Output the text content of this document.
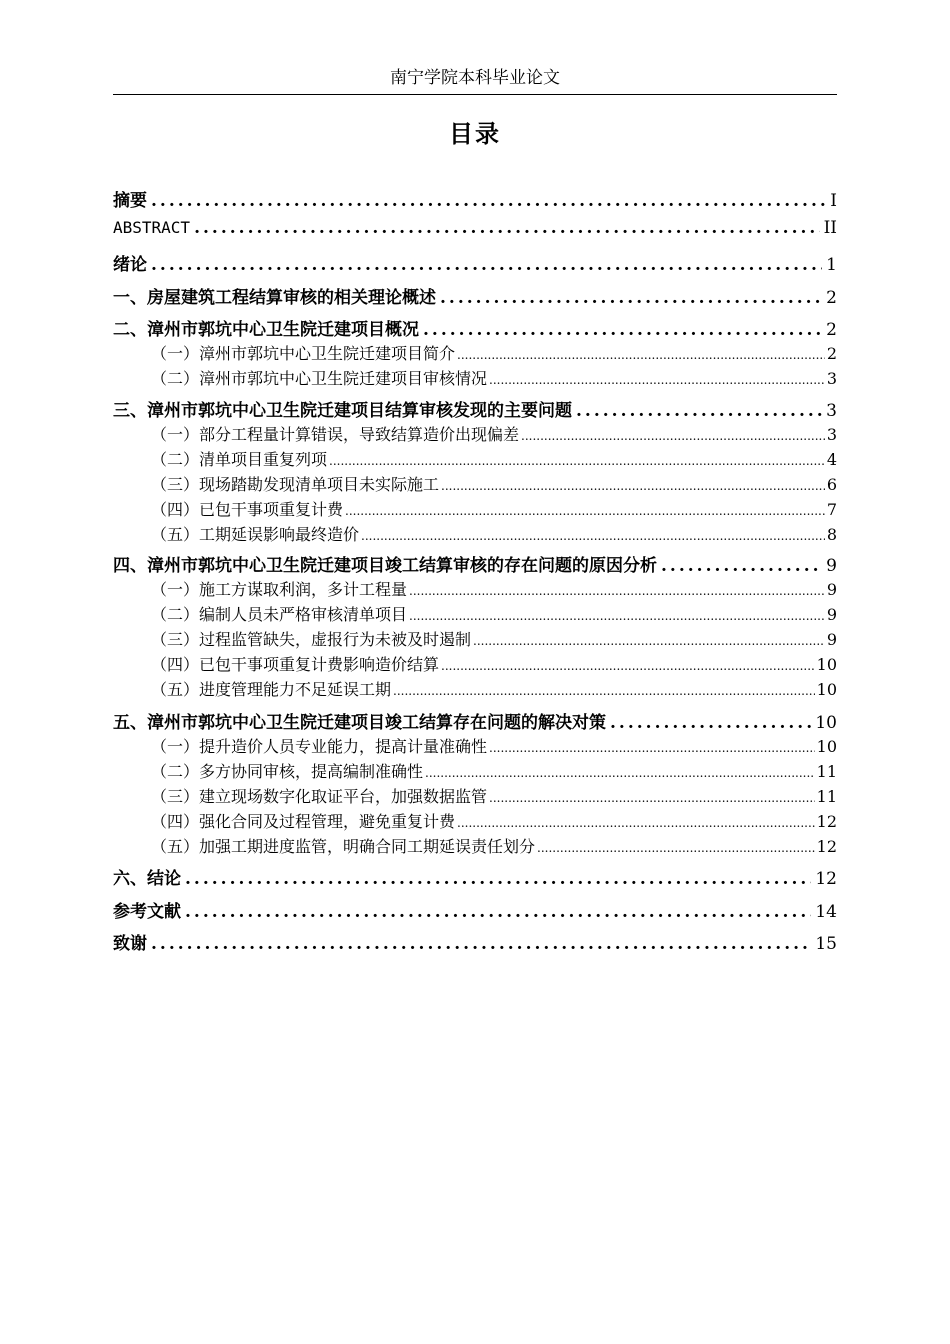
南宁学院本科毕业论文
目录
摘要 .....	I
ABSTRACT .....	II
绪论 .....	1
一、 房屋建筑工程结算审核的相关理论概述 .....	2
二、 漳州市郭坑中心卫生院迁建项目概况 .....	2
（一）漳州市郭坑中心卫生院迁建项目简介 .....	2
（二）漳州市郭坑中心卫生院迁建项目审核情况 .....	3
三、 漳州市郭坑中心卫生院迁建项目结算审核发现的主要问题 .....	3
（一）部分工程量计算错误，导致结算造价出现偏差 .....	3
（二）清单项目重复列项 .....	4
（三）现场踏勘发现清单项目未实际施工 .....	6
（四）已包干事项重复计费 .....	7
（五）工期延误影响最终造价 .....	8
四、 漳州市郭坑中心卫生院迁建项目竣工结算审核的存在问题的原因分析 .....	9
（一）施工方谋取利润，多计工程量 .....	9
（二）编制人员未严格审核清单项目 .....	9
（三）过程监管缺失，虚报行为未被及时遏制 .....	9
（四）已包干事项重复计费影响造价结算 .....	10
（五）进度管理能力不足延误工期 .....	10
五、 漳州市郭坑中心卫生院迁建项目竣工结算存在问题的解决对策 .....	10
（一）提升造价人员专业能力，提高计量准确性 .....	10
（二）多方协同审核，提高编制准确性 .....	11
（三）建立现场数字化取证平台，加强数据监管 .....	11
（四）强化合同及过程管理，避免重复计费 .....	12
（五）加强工期进度监管，明确合同工期延误责任划分 .....	12
六、结论 .....	12
参考文献 .....	14
致谢 .....	15
